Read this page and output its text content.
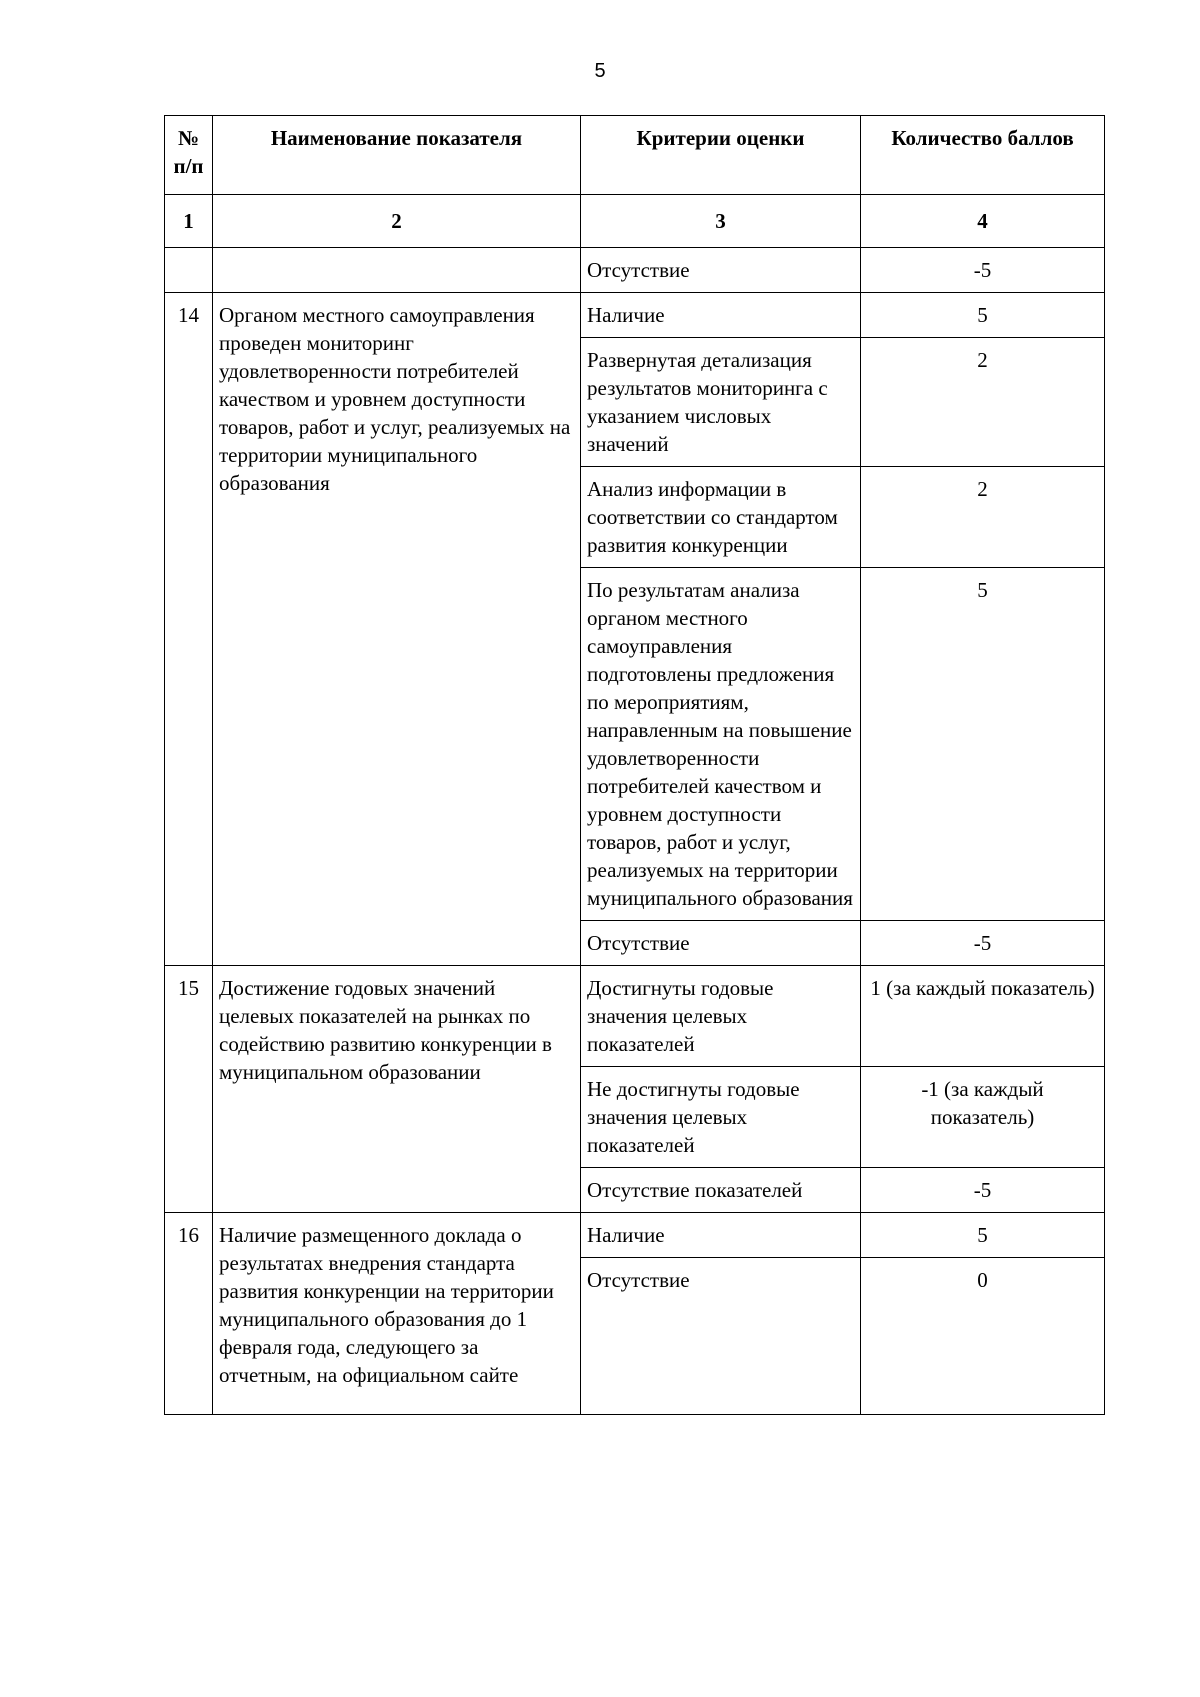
5
№ п/п	Наименование показателя	Критерии оценки	Количество баллов
1	2	3	4
		Отсутствие	-5
14	Органом местного самоуправления проведен мониторинг удовлетворенности потребителей качеством и уровнем доступности товаров, работ и услуг, реализуемых на территории муниципального образования	Наличие	5
		Развернутая детализация результатов мониторинга с указанием числовых значений	2
		Анализ информации в соответствии со стандартом развития конкуренции	2
		По результатам анализа органом местного самоуправления подготовлены предложения по мероприятиям, направленным на повышение удовлетворенности потребителей качеством и уровнем доступности товаров, работ и услуг, реализуемых на территории муниципального образования	5
		Отсутствие	-5
15	Достижение годовых значений целевых показателей на рынках по содействию развитию конкуренции в муниципальном образовании	Достигнуты годовые значения целевых показателей	1 (за каждый показатель)
		Не достигнуты годовые значения целевых показателей	-1 (за каждый показатель)
		Отсутствие показателей	-5
16	Наличие размещенного доклада о результатах внедрения стандарта развития конкуренции на территории муниципального образования до 1 февраля года, следующего за отчетным, на официальном сайте	Наличие	5
		Отсутствие	0
